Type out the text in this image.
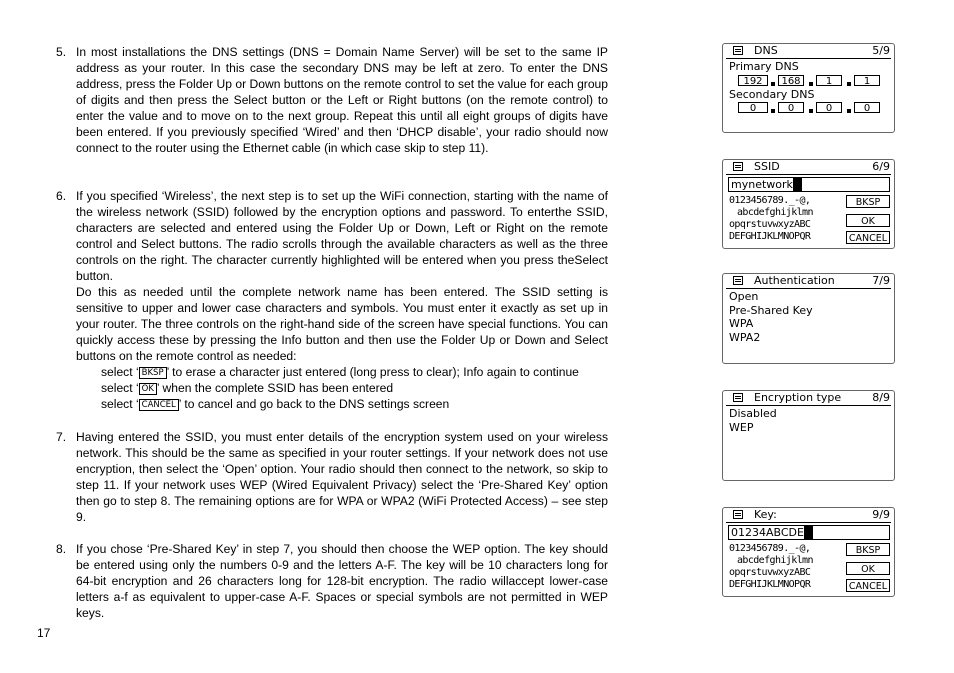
5. In most installations the DNS settings (DNS = Domain Name Server) will be set to the same IP address as your router. In this case the secondary DNS may be left at zero. To enter the DNS address, press the Folder Up or Down buttons on the remote control to set the value for each group of digits and then press the Select button or the Left or Right buttons (on the remote control) to enter the value and to move on to the next group. Repeat this until all eight groups of digits have been entered. If you previously specified ‘Wired’ and then ‘DHCP disable’, your radio should now connect to the router using the Ethernet cable (in which case skip to step 11).

6. If you specified ‘Wireless’, the next step is to set up the WiFi connection, starting with the name of the wireless network (SSID) followed by the encryption options and password. To enterthe SSID, characters are selected and entered using the Folder Up or Down, Left or Right on the remote control and Select buttons. The radio scrolls through the available characters as well as the three controls on the right. The character currently highlighted will be entered when you press theSelect button.

Do this as needed until the complete network name has been entered. The SSID setting is sensitive to upper and lower case characters and symbols. You must enter it exactly as set up in your router. The three controls on the right-hand side of the screen have special functions. You can quickly access these by pressing the Info button and then use the Folder Up or Down and Select buttons on the remote control as needed:

select ‘ BKSP ’ to erase a character just entered (long press to clear); Info again to continue
select ‘ OK ’ when the complete SSID has been entered
select ‘ CANCEL ’ to cancel and go back to the DNS settings screen
7. Having entered the SSID, you must enter details of the encryption system used on your wireless network. This should be the same as specified in your router settings. If your network does not use encryption, then select the ‘Open’ option. Your radio should then connect to the network, so skip to step 11. If your network uses WEP (Wired Equivalent Privacy) select the ‘Pre-Shared Key’ option then go to step 8. The remaining options are for WPA or WPA2 (WiFi Protected Access) – see step 9.

8. If you chose ‘Pre-Shared Key’ in step 7, you should then choose the WEP option. The key should be entered using only the numbers 0-9 and the letters A-F. The key will be 10 characters long for 64-bit encryption and 26 characters long for 128-bit encryption. The radio willaccept lower-case letters a-f as equivalent to upper-case A-F. Spaces or special symbols are not permitted in WEP keys.

17
DNS	5/9
Primary DNS
192	168	1	1
Secondary DNS
0	0	0	0
SSID	6/9
mynetwork
0123456789._-@,
abcdefghijklmn
opqrstuvwxyzABC
DEFGHIJKLMNOPQR
BKSP
OK
CANCEL
Authentication	7/9
Open
Pre-Shared Key
WPA
WPA2
Encryption type	8/9
Disabled
WEP
Key:	9/9
01234ABCDE
0123456789._-@,
abcdefghijklmn
opqrstuvwxyzABC
DEFGHIJKLMNOPQR
BKSP
OK
CANCEL
